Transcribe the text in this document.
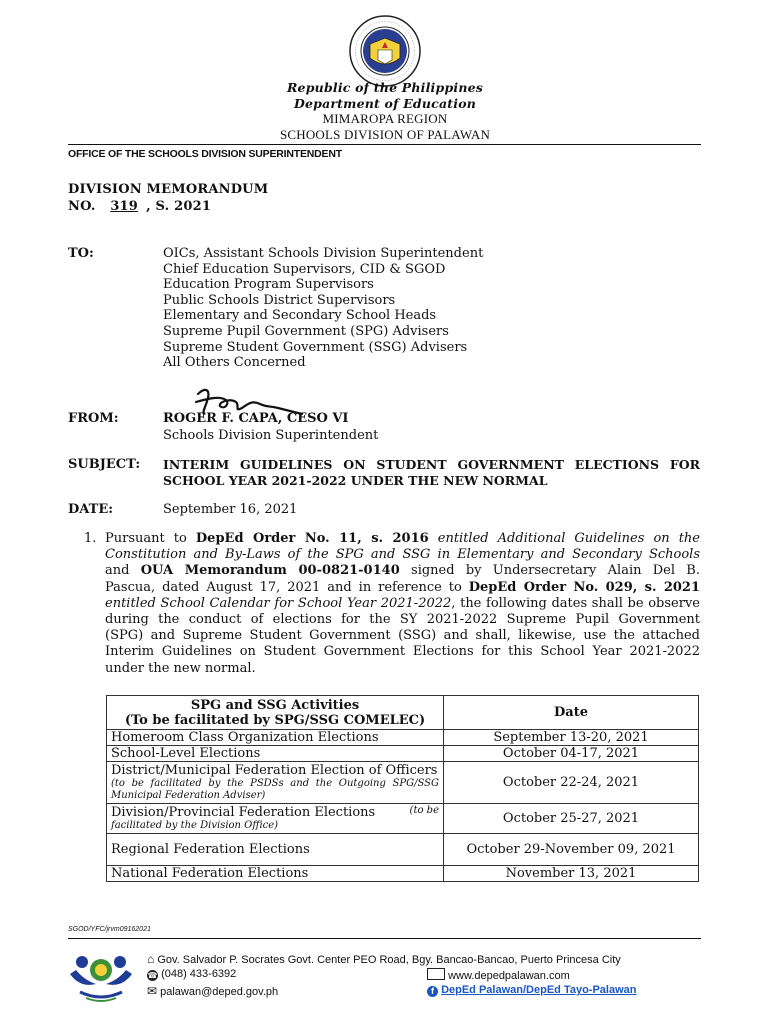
Republic of the Philippines
Department of Education
MIMAROPA REGION
SCHOOLS DIVISION OF PALAWAN
OFFICE OF THE SCHOOLS DIVISION SUPERINTENDENT
DIVISION MEMORANDUM
NO. 319 , S. 2021
TO:	OICs, Assistant Schools Division Superintendent
Chief Education Supervisors, CID & SGOD
Education Program Supervisors
Public Schools District Supervisors
Elementary and Secondary School Heads
Supreme Pupil Government (SPG) Advisers
Supreme Student Government (SSG) Advisers
All Others Concerned
FROM:	ROGER F. CAPA, CESO VI
Schools Division Superintendent
SUBJECT: INTERIM GUIDELINES ON STUDENT GOVERNMENT ELECTIONS FOR
SCHOOL YEAR 2021-2022 UNDER THE NEW NORMAL
DATE:	September 16, 2021
1. Pursuant to DepEd Order No. 11, s. 2016 entitled Additional Guidelines on the
Constitution and By-Laws of the SPG and SSG in Elementary and Secondary Schools
and OUA Memorandum 00-0821-0140 signed by Undersecretary Alain Del B.
Pascua, dated August 17, 2021 and in reference to DepEd Order No. 029, s. 2021
entitled School Calendar for School Year 2021-2022, the following dates shall be observe
during the conduct of elections for the SY 2021-2022 Supreme Pupil Government
(SPG) and Supreme Student Government (SSG) and shall, likewise, use the attached
Interim Guidelines on Student Government Elections for this School Year 2021-2022
under the new normal.
SPG and SSG Activities
(To be facilitated by SPG/SSG COMELEC)	Date
Homeroom Class Organization Elections	September 13-20, 2021
School-Level Elections	October 04-17, 2021

District/Municipal Federation Election of Officers
(to be facilitated by the PSDSs and the Outgoing SPG/SSG Municipal Federation Adviser)	October 22-24, 2021

Division/Provincial Federation Elections (to be
facilitated by the Division Office)	October 25-27, 2021
Regional Federation Elections	October 29-November 09, 2021
National Federation Elections	November 13, 2021
SGOD/YFC/jrvm09162021
⌂ Gov. Salvador P. Socrates Govt. Center PEO Road, Bgy. Bancao-Bancao, Puerto Princesa City
☎ (048) 433-6392
✉ palawan@deped.gov.ph
www.depedpalawan.com
f DepEd Palawan/DepEd Tayo-Palawan
